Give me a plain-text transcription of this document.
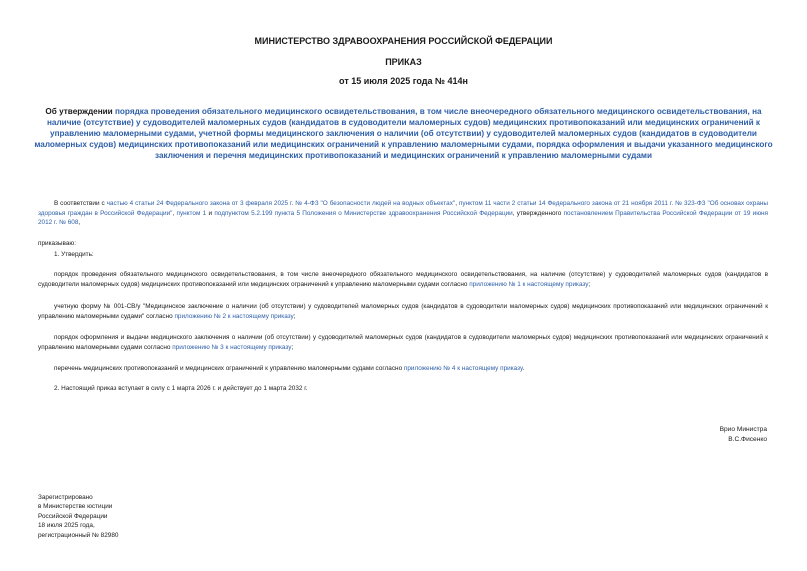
МИНИСТЕРСТВО ЗДРАВООХРАНЕНИЯ РОССИЙСКОЙ ФЕДЕРАЦИИ
ПРИКАЗ
от 15 июля 2025 года № 414н
Об утверждении порядка проведения обязательного медицинского освидетельствования, в том числе внеочередного обязательного медицинского освидетельствования, на наличие (отсутствие) у судоводителей маломерных судов (кандидатов в судоводители маломерных судов) медицинских противопоказаний или медицинских ограничений к управлению маломерными судами, учетной формы медицинского заключения о наличии (об отсутствии) у судоводителей маломерных судов (кандидатов в судоводители маломерных судов) медицинских противопоказаний или медицинских ограничений к управлению маломерными судами, порядка оформления и выдачи указанного медицинского заключения и перечня медицинских противопоказаний и медицинских ограничений к управлению маломерными судами
В соответствии с частью 4 статьи 24 Федерального закона от 3 февраля 2025 г. № 4-ФЗ "О безопасности людей на водных объектах", пунктом 11 части 2 статьи 14 Федерального закона от 21 ноября 2011 г. № 323-ФЗ "Об основах охраны здоровья граждан в Российской Федерации", пунктом 1 и подпунктом 5.2.199 пункта 5 Положения о Министерстве здравоохранения Российской Федерации, утвержденного постановлением Правительства Российской Федерации от 19 июня 2012 г. № 608,
приказываю:
1. Утвердить:
порядок проведения обязательного медицинского освидетельствования, в том числе внеочередного обязательного медицинского освидетельствования, на наличие (отсутствие) у судоводителей маломерных судов (кандидатов в судоводители маломерных судов) медицинских противопоказаний или медицинских ограничений к управлению маломерными судами согласно приложению № 1 к настоящему приказу;
учетную форму № 001-СВ/у "Медицинское заключение о наличии (об отсутствии) у судоводителей маломерных судов (кандидатов в судоводители маломерных судов) медицинских противопоказаний или медицинских ограничений к управлению маломерными судами" согласно приложению № 2 к настоящему приказу;
порядок оформления и выдачи медицинского заключения о наличии (об отсутствии) у судоводителей маломерных судов (кандидатов в судоводители маломерных судов) медицинских противопоказаний или медицинских ограничений к управлению маломерными судами согласно приложению № 3 к настоящему приказу;
перечень медицинских противопоказаний и медицинских ограничений к управлению маломерными судами согласно приложению № 4 к настоящему приказу.
2. Настоящий приказ вступает в силу с 1 марта 2026 г. и действует до 1 марта 2032 г.
Врио Министра
В.С.Фисенко
Зарегистрировано
в Министерстве юстиции
Российской Федерации
18 июля 2025 года,
регистрационный № 82980
